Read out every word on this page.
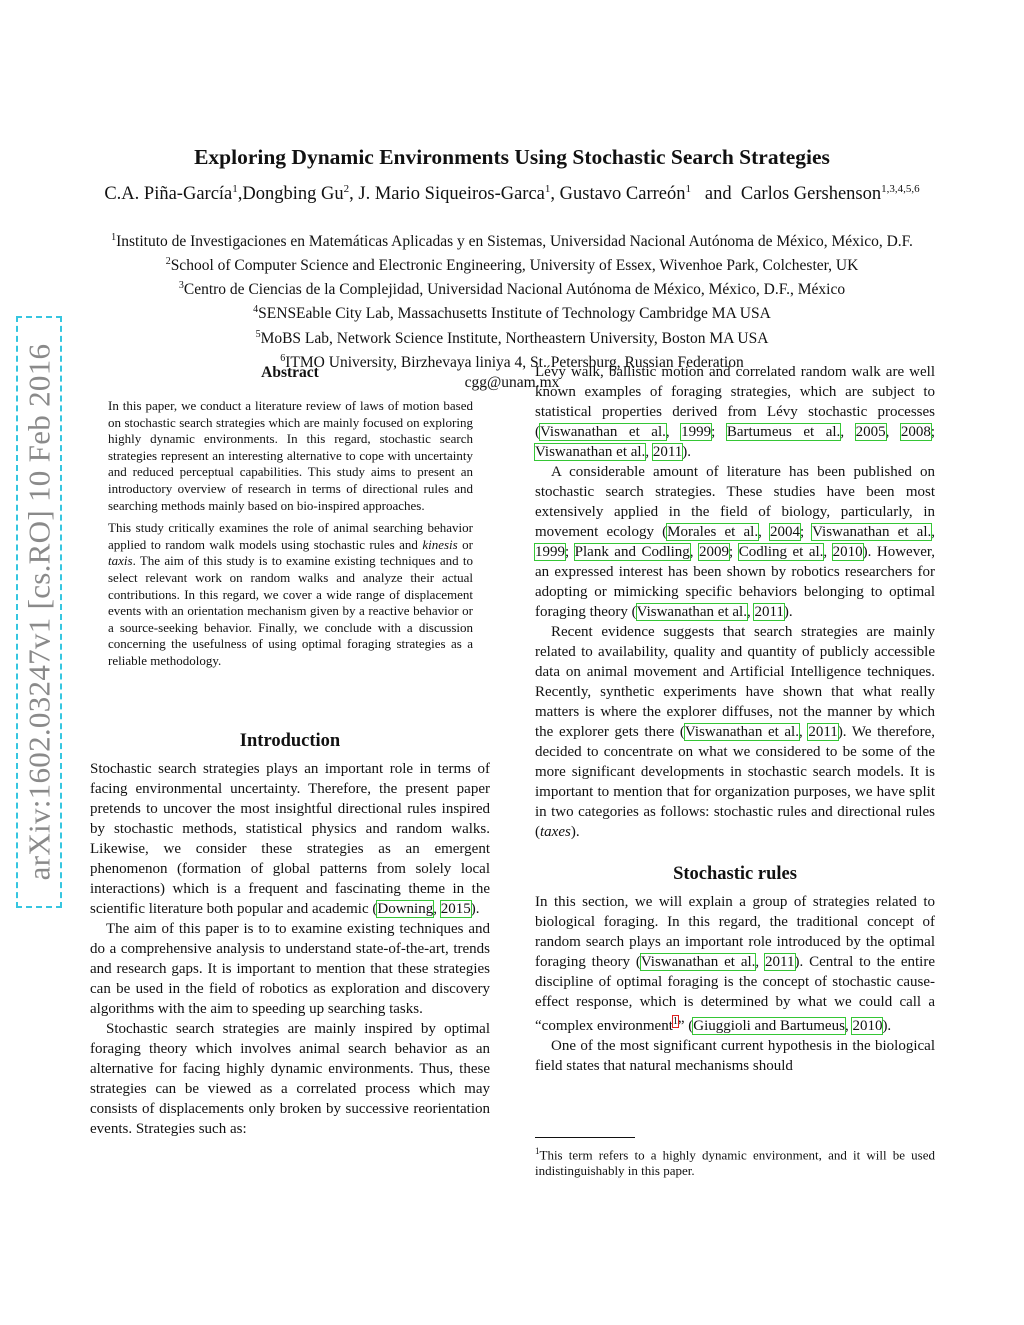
arXiv:1602.03247v1 [cs.RO] 10 Feb 2016
Exploring Dynamic Environments Using Stochastic Search Strategies
C.A. Piña-García$^1$,Dongbing Gu$^2$, J. Mario Siqueiros-Garca$^1$, Gustavo Carreón$^1$ and Carlos Gershenson$^{1,3,4,5,6}$
$^1$Instituto de Investigaciones en Matemáticas Aplicadas y en Sistemas, Universidad Nacional Autónoma de México, México, D.F.
$^2$School of Computer Science and Electronic Engineering, University of Essex, Wivenhoe Park, Colchester, UK
$^3$Centro de Ciencias de la Complejidad, Universidad Nacional Autónoma de México, México, D.F., México
$^4$SENSEable City Lab, Massachusetts Institute of Technology Cambridge MA USA
$^5$MoBS Lab, Network Science Institute, Northeastern University, Boston MA USA
$^6$ITMO University, Birzhevaya liniya 4, St. Petersburg, Russian Federation
cgg@unam.mx
Abstract

In this paper, we conduct a literature review of laws of motion based on stochastic search strategies which are mainly focused on exploring highly dynamic environments. In this regard, stochastic search strategies represent an interesting alternative to cope with uncertainty and reduced perceptual capabilities. This study aims to present an introductory overview of research in terms of directional rules and searching methods mainly based on bio-inspired approaches.

This study critically examines the role of animal searching behavior applied to random walk models using stochastic rules and kinesis or taxis. The aim of this study is to examine existing techniques and to select relevant work on random walks and analyze their actual contributions. In this regard, we cover a wide range of displacement events with an orientation mechanism given by a reactive behavior or a source-seeking behavior. Finally, we conclude with a discussion concerning the usefulness of using optimal foraging strategies as a reliable methodology.

Introduction

Stochastic search strategies plays an important role in terms of facing environmental uncertainty. Therefore, the present paper pretends to uncover the most insightful directional rules inspired by stochastic methods, statistical physics and random walks. Likewise, we consider these strategies as an emergent phenomenon (formation of global patterns from solely local interactions) which is a frequent and fascinating theme in the scientific literature both popular and academic (Downing, 2015).

The aim of this paper is to to examine existing techniques and do a comprehensive analysis to understand state-of-the-art, trends and research gaps. It is important to mention that these strategies can be used in the field of robotics as exploration and discovery algorithms with the aim to speeding up searching tasks.

Stochastic search strategies are mainly inspired by optimal foraging theory which involves animal search behavior as an alternative for facing highly dynamic environments. Thus, these strategies can be viewed as a correlated process which may consists of displacements only broken by successive reorientation events. Strategies such as:

Lévy walk, ballistic motion and correlated random walk are well known examples of foraging strategies, which are subject to statistical properties derived from Lévy stochastic processes (Viswanathan et al., 1999; Bartumeus et al., 2005, 2008; Viswanathan et al., 2011).

A considerable amount of literature has been published on stochastic search strategies. These studies have been most extensively applied in the field of biology, particularly, in movement ecology (Morales et al., 2004; Viswanathan et al., 1999; Plank and Codling, 2009; Codling et al., 2010). However, an expressed interest has been shown by robotics researchers for adopting or mimicking specific behaviors belonging to optimal foraging theory (Viswanathan et al., 2011).

Recent evidence suggests that search strategies are mainly related to availability, quality and quantity of publicly accessible data on animal movement and Artificial Intelligence techniques. Recently, synthetic experiments have shown that what really matters is where the explorer diffuses, not the manner by which the explorer gets there (Viswanathan et al., 2011). We therefore, decided to concentrate on what we considered to be some of the more significant developments in stochastic search models. It is important to mention that for organization purposes, we have split in two categories as follows: stochastic rules and directional rules (taxes).

Stochastic rules

In this section, we will explain a group of strategies related to biological foraging. In this regard, the traditional concept of random search plays an important role introduced by the optimal foraging theory (Viswanathan et al., 2011). Central to the entire discipline of optimal foraging is the concept of stochastic cause-effect response, which is determined by what we could call a “complex environment$^1$” (Giuggioli and Bartumeus, 2010).

One of the most significant current hypothesis in the biological field states that natural mechanisms should

$^1$This term refers to a highly dynamic environment, and it will be used indistinguishably in this paper.
